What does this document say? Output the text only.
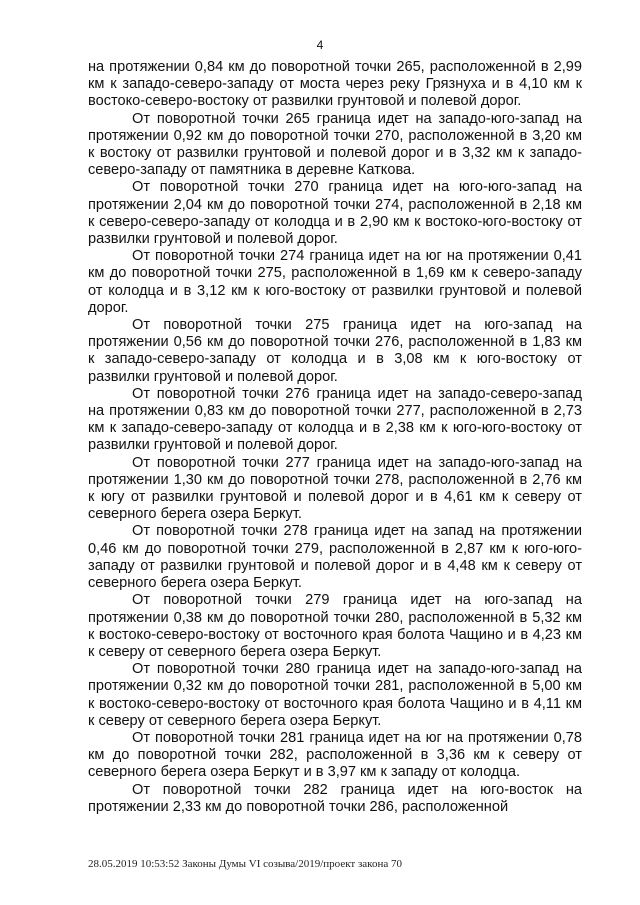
4

на протяжении 0,84 км до поворотной точки 265, расположенной в 2,99 км к западо-северо-западу от моста через реку Грязнуха и в 4,10 км к востоко-северо-востоку от развилки грунтовой и полевой дорог.

От поворотной точки 265 граница идет на западо-юго-запад на протяжении 0,92 км до поворотной точки 270, расположенной в 3,20 км к востоку от развилки грунтовой и полевой дорог и в 3,32 км к западо-северо-западу от памятника в деревне Каткова.

От поворотной точки 270 граница идет на юго-юго-запад на протяжении 2,04 км до поворотной точки 274, расположенной в 2,18 км к северо-северо-западу от колодца и в 2,90 км к востоко-юго-востоку от развилки грунтовой и полевой дорог.

От поворотной точки 274 граница идет на юг на протяжении 0,41 км до поворотной точки 275, расположенной в 1,69 км к северо-западу от колодца и в 3,12 км к юго-востоку от развилки грунтовой и полевой дорог.

От поворотной точки 275 граница идет на юго-запад на протяжении 0,56 км до поворотной точки 276, расположенной в 1,83 км к западо-северо-западу от колодца и в 3,08 км к юго-востоку от развилки грунтовой и полевой дорог.

От поворотной точки 276 граница идет на западо-северо-запад на протяжении 0,83 км до поворотной точки 277, расположенной в 2,73 км к западо-северо-западу от колодца и в 2,38 км к юго-юго-востоку от развилки грунтовой и полевой дорог.

От поворотной точки 277 граница идет на западо-юго-запад на протяжении 1,30 км до поворотной точки 278, расположенной в 2,76 км к югу от развилки грунтовой и полевой дорог и в 4,61 км к северу от северного берега озера Беркут.

От поворотной точки 278 граница идет на запад на протяжении 0,46 км до поворотной точки 279, расположенной в 2,87 км к юго-юго-западу от развилки грунтовой и полевой дорог и в 4,48 км к северу от северного берега озера Беркут.

От поворотной точки 279 граница идет на юго-запад на протяжении 0,38 км до поворотной точки 280, расположенной в 5,32 км к востоко-северо-востоку от восточного края болота Чащино и в 4,23 км к северу от северного берега озера Беркут.

От поворотной точки 280 граница идет на западо-юго-запад на протяжении 0,32 км до поворотной точки 281, расположенной в 5,00 км к востоко-северо-востоку от восточного края болота Чащино и в 4,11 км к северу от северного берега озера Беркут.

От поворотной точки 281 граница идет на юг на протяжении 0,78 км до поворотной точки 282, расположенной в 3,36 км к северу от северного берега озера Беркут и в 3,97 км к западу от колодца.

От поворотной точки 282 граница идет на юго-восток на протяжении 2,33 км до поворотной точки 286, расположенной

28.05.2019 10:53:52 Законы Думы VI созыва/2019/проект закона 70
